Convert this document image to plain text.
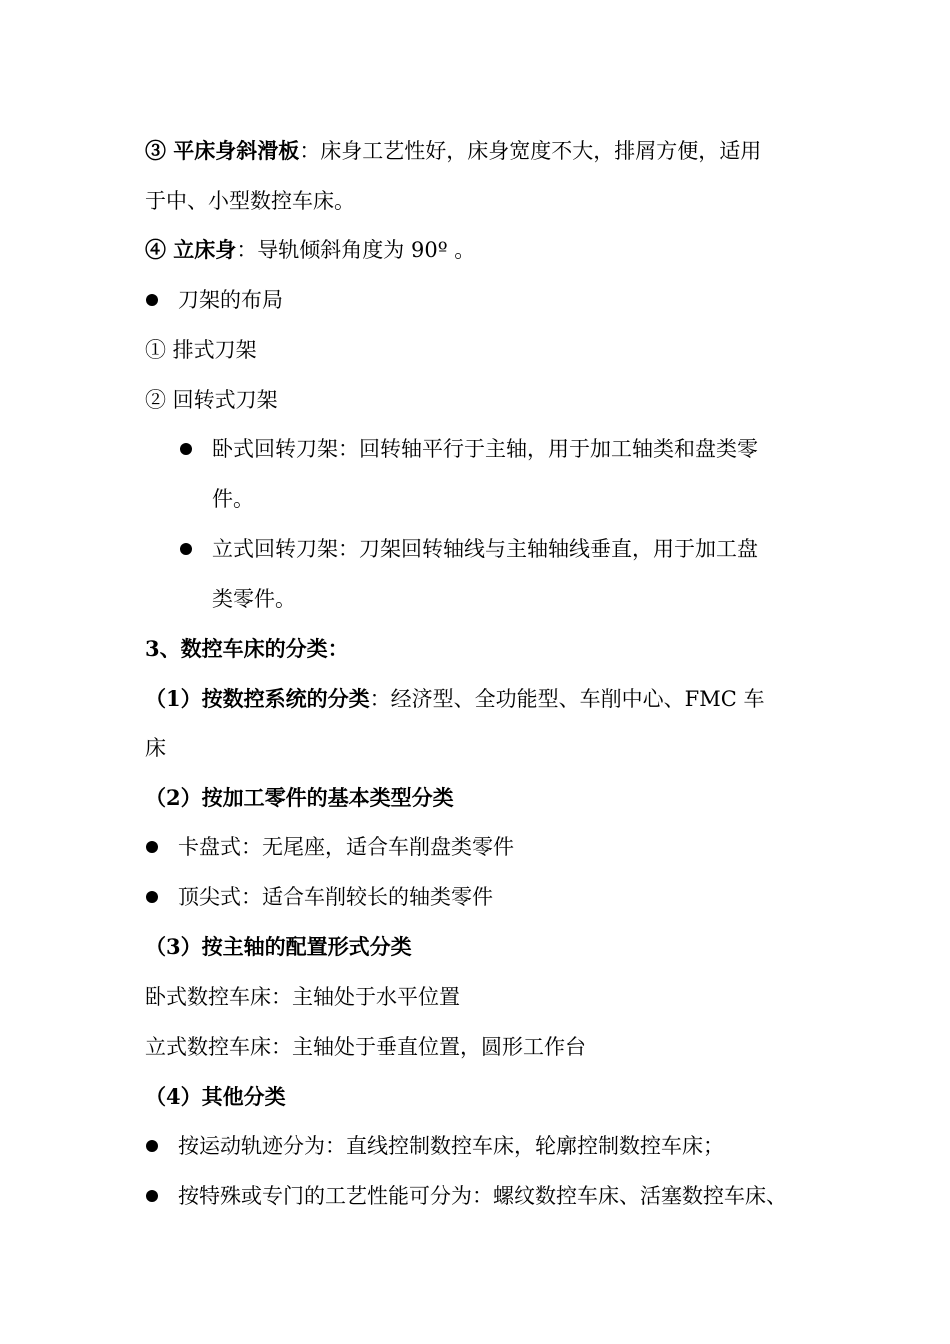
③ 平床身斜滑板：床身工艺性好，床身宽度不大，排屑方便，适用
于中、小型数控车床。
④ 立床身：导轨倾斜角度为 90º 。
刀架的布局
① 排式刀架
② 回转式刀架
卧式回转刀架：回转轴平行于主轴，用于加工轴类和盘类零
件。
立式回转刀架：刀架回转轴线与主轴轴线垂直，用于加工盘
类零件。
3、数控车床的分类：
（1）按数控系统的分类：经济型、全功能型、车削中心、FMC 车
床
（2）按加工零件的基本类型分类
卡盘式：无尾座，适合车削盘类零件
顶尖式：适合车削较长的轴类零件
（3）按主轴的配置形式分类
卧式数控车床：主轴处于水平位置
立式数控车床：主轴处于垂直位置，圆形工作台
（4）其他分类
按运动轨迹分为：直线控制数控车床，轮廓控制数控车床；
按特殊或专门的工艺性能可分为：螺纹数控车床、活塞数控车床、
